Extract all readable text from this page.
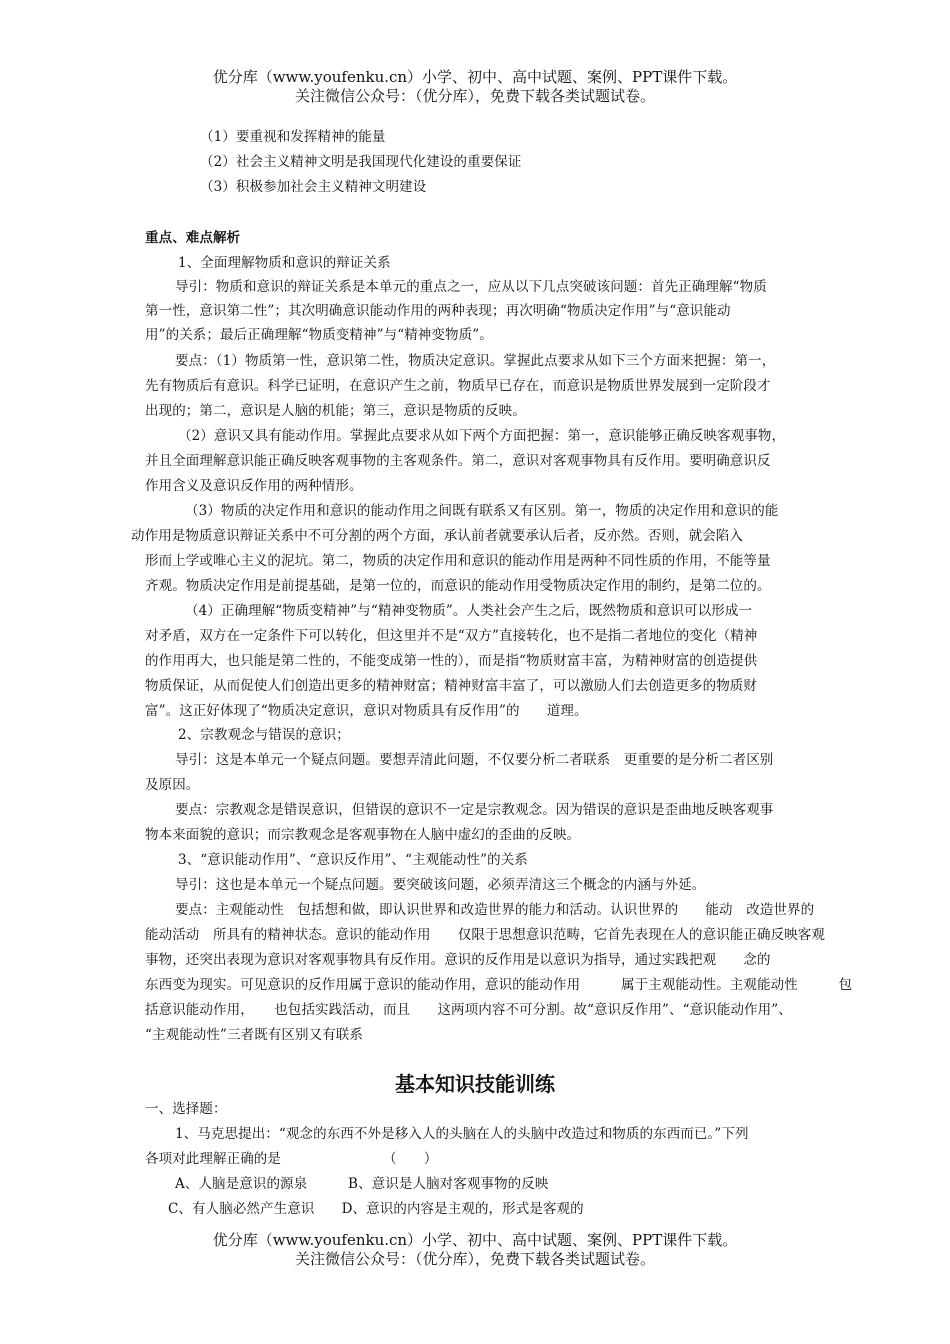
优分库（www.youfenku.cn）小学、初中、高中试题、案例、PPT课件下载。
关注微信公众号：（优分库），免费下载各类试题试卷。
（1）要重视和发挥精神的能量
（2）社会主义精神文明是我国现代化建设的重要保证
（3）积极参加社会主义精神文明建设
重点、难点解析
1、全面理解物质和意识的辩证关系
导引：物质和意识的辩证关系是本单元的重点之一，应从以下几点突破该问题：首先正确理解“物质
第一性，意识第二性”；其次明确意识能动作用的两种表现；再次明确“物质决定作用”与“意识能动
用”的关系；最后正确理解“物质变精神”与“精神变物质”。
要点：（1）物质第一性，意识第二性，物质决定意识。掌握此点要求从如下三个方面来把握：第一，
先有物质后有意识。科学已证明，在意识产生之前，物质早已存在，而意识是物质世界发展到一定阶段才
出现的；第二，意识是人脑的机能；第三，意识是物质的反映。
（2）意识又具有能动作用。掌握此点要求从如下两个方面把握：第一，意识能够正确反映客观事物，
并且全面理解意识能正确反映客观事物的主客观条件。第二，意识对客观事物具有反作用。要明确意识反
作用含义及意识反作用的两种情形。
（3）物质的决定作用和意识的能动作用之间既有联系又有区别。第一，物质的决定作用和意识的能
动作用是物质意识辩证关系中不可分割的两个方面，承认前者就要承认后者，反亦然。否则，就会陷入
形而上学或唯心主义的泥坑。第二，物质的决定作用和意识的能动作用是两种不同性质的作用，不能等量
齐观。物质决定作用是前提基础，是第一位的，而意识的能动作用受物质决定作用的制约，是第二位的。
（4）正确理解“物质变精神”与“精神变物质”。人类社会产生之后，既然物质和意识可以形成一
对矛盾，双方在一定条件下可以转化，但这里并不是“双方”直接转化，也不是指二者地位的变化（精神
的作用再大，也只能是第二性的，不能变成第一性的），而是指“物质财富丰富，为精神财富的创造提供
物质保证，从而促使人们创造出更多的精神财富；精神财富丰富了，可以激励人们去创造更多的物质财
富”。这正好体现了“物质决定意识，意识对物质具有反作用”的　　道理。
2、宗教观念与错误的意识；
导引：这是本单元一个疑点问题。要想弄清此问题，不仅要分析二者联系　更重要的是分析二者区别
及原因。
要点：宗教观念是错误意识，但错误的意识不一定是宗教观念。因为错误的意识是歪曲地反映客观事
物本来面貌的意识；而宗教观念是客观事物在人脑中虚幻的歪曲的反映。
3、“意识能动作用”、“意识反作用”、“主观能动性”的关系
导引：这也是本单元一个疑点问题。要突破该问题，必须弄清这三个概念的内涵与外延。
要点：主观能动性　包括想和做，即认识世界和改造世界的能力和活动。认识世界的　　能动　改造世界的
能动活动　所具有的精神状态。意识的能动作用　　仅限于思想意识范畴，它首先表现在人的意识能正确反映客观
事物，还突出表现为意识对客观事物具有反作用。意识的反作用是以意识为指导，通过实践把观　　念的
东西变为现实。可见意识的反作用属于意识的能动作用，意识的能动作用　　　属于主观能动性。主观能动性　　　包
括意识能动作用，　　也包括实践活动，而且　　这两项内容不可分割。故“意识反作用”、“意识能动作用”、
“主观能动性”三者既有区别又有联系
基本知识技能训练
一、选择题：
1、马克思提出：“观念的东西不外是移入人的头脑在人的头脑中改造过和物质的东西而已。”下列
各项对此理解正确的是　　　　　　　　（　　）
A、人脑是意识的源泉　　　B、意识是人脑对客观事物的反映
C、有人脑必然产生意识　　D、意识的内容是主观的，形式是客观的
优分库（www.youfenku.cn）小学、初中、高中试题、案例、PPT课件下载。
关注微信公众号：（优分库），免费下载各类试题试卷。
